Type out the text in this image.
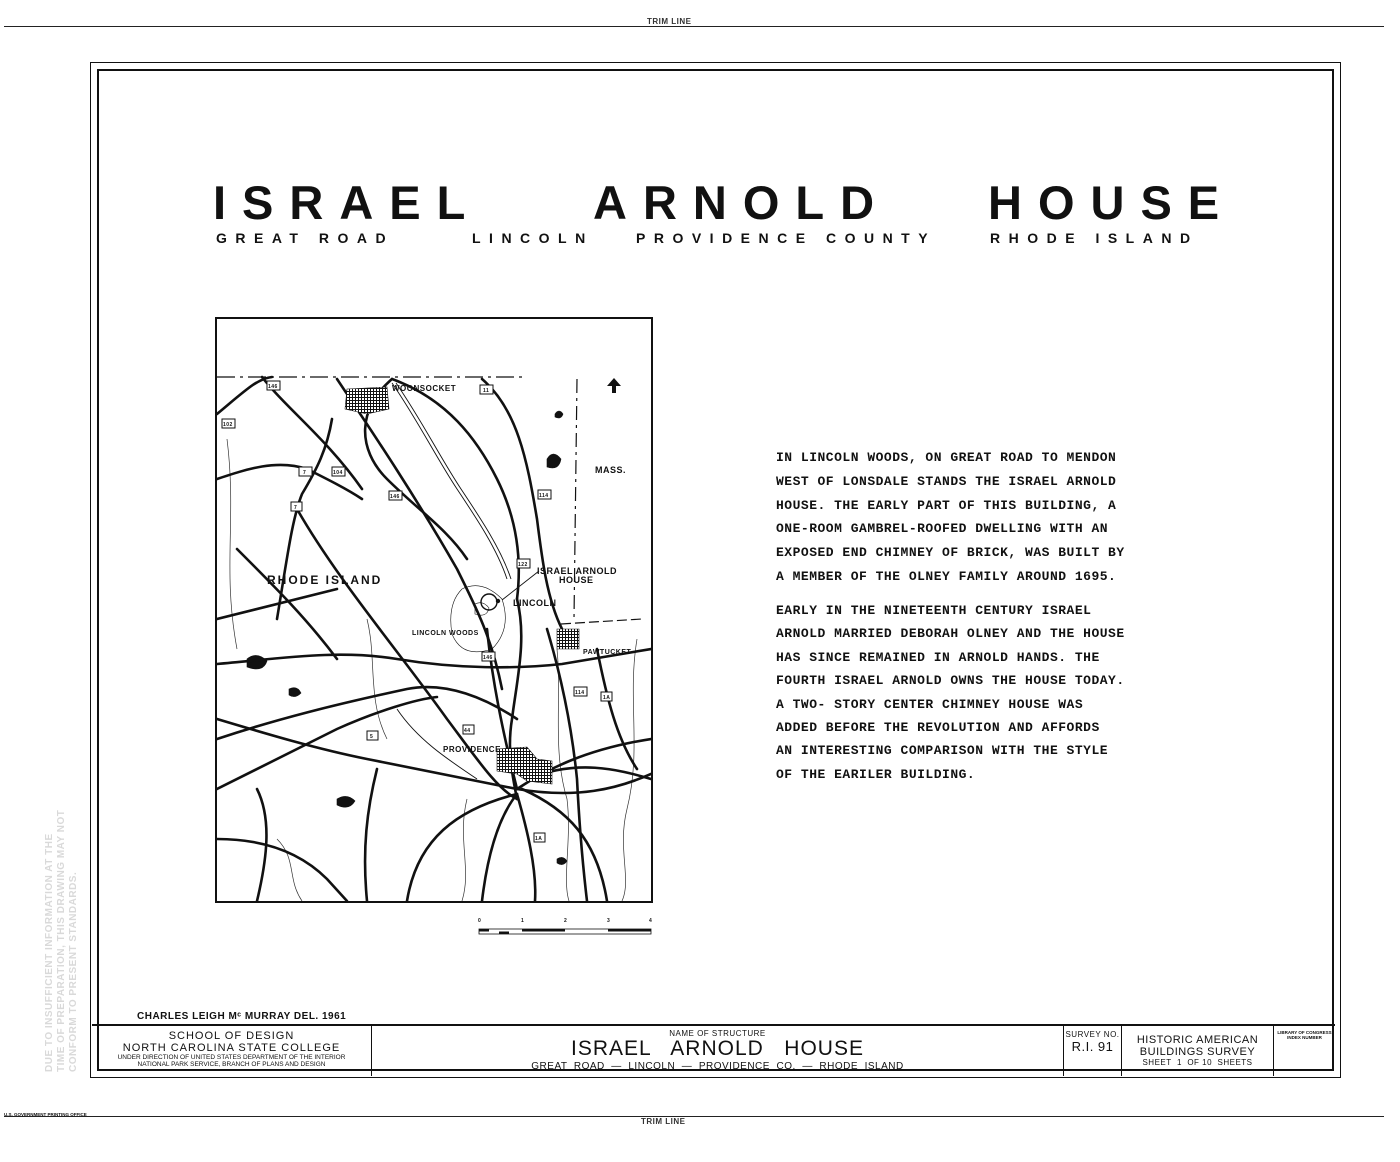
TRIM LINE
TRIM LINE
U.S. GOVERNMENT PRINTING OFFICE
ISRAEL ARNOLD HOUSE
GREAT ROAD	LINCOLN	PROVIDENCE COUNTY	RHODE ISLAND
146
102
7	104
11
146
7
114
122
146
114
1A
44
5
1A
WOONSOCKET
MASS.
RHODE ISLAND
ISRAEL ARNOLD
HOUSE
LINCOLN
LINCOLN WOODS
PAWTUCKET
PROVIDENCE
0	1	2	3	4

IN LINCOLN WOODS, ON GREAT ROAD TO MENDON

WEST OF LONSDALE STANDS THE ISRAEL ARNOLD

HOUSE. THE EARLY PART OF THIS BUILDING, A

ONE-ROOM GAMBREL-ROOFED DWELLING WITH AN

EXPOSED END CHIMNEY OF BRICK, WAS BUILT BY

A MEMBER OF THE OLNEY FAMILY AROUND 1695.

EARLY IN THE NINETEENTH CENTURY ISRAEL

ARNOLD MARRIED DEBORAH OLNEY AND THE HOUSE

HAS SINCE REMAINED IN ARNOLD HANDS. THE

FOURTH ISRAEL ARNOLD OWNS THE HOUSE TODAY.

A TWO- STORY CENTER CHIMNEY HOUSE WAS

ADDED BEFORE THE REVOLUTION AND AFFORDS

AN INTERESTING COMPARISON WITH THE STYLE

OF THE EARILER BUILDING.

DUE TO INSUFFICIENT INFORMATION AT THE TIME OF PREPARATION, THIS DRAWING MAY NOT CONFORM TO PRESENT STANDARDS.	CHARLES LEIGH Mᶜ MURRAY DEL. 1961
SCHOOL OF DESIGN
NORTH CAROLINA STATE COLLEGE
UNDER DIRECTION OF UNITED STATES DEPARTMENT OF THE INTERIOR
NATIONAL PARK SERVICE, BRANCH OF PLANS AND DESIGN
NAME OF STRUCTURE
ISRAEL   ARNOLD   HOUSE
GREAT  ROAD  —  LINCOLN  —  PROVIDENCE  CO.  —  RHODE  ISLAND
SURVEY NO.
R.I. 91	HISTORIC AMERICAN
BUILDINGS SURVEY
SHEET  1  OF 10  SHEETS
LIBRARY OF CONGRESS
INDEX NUMBER
